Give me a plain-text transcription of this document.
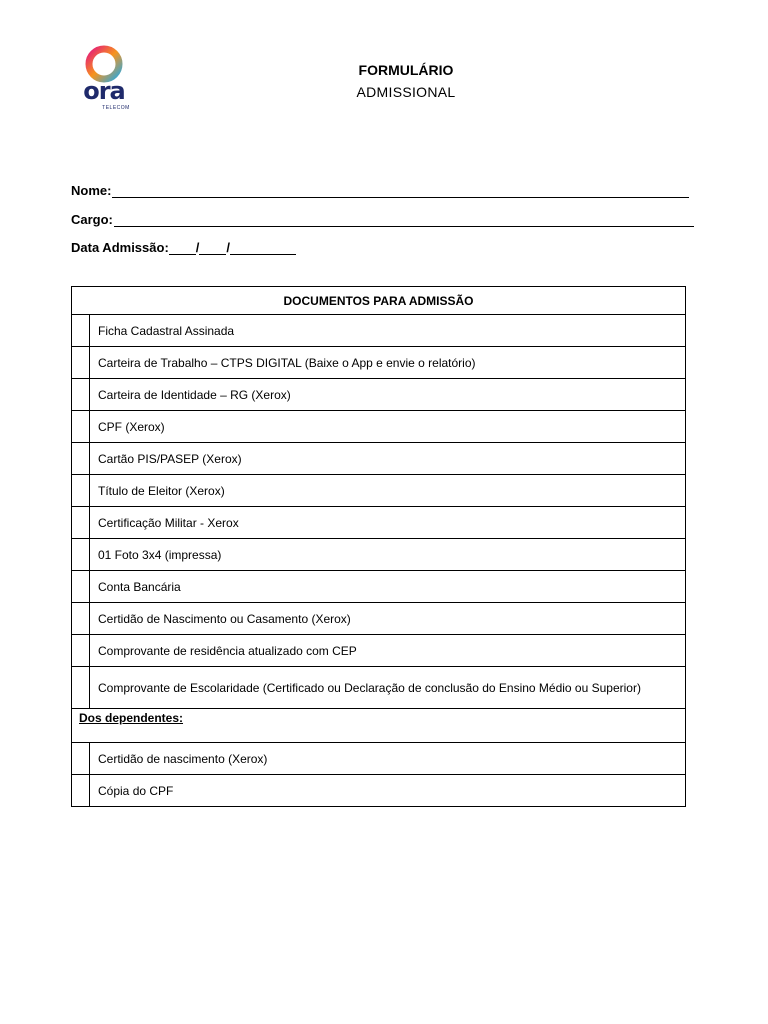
ora
TELECOM
FORMULÁRIO
ADMISSIONAL
Nome:
Cargo:
Data Admissão: / /
DOCUMENTOS PARA ADMISSÃO	
	Ficha Cadastral Assinada
	Carteira de Trabalho – CTPS DIGITAL (Baixe o App e envie o relatório)
	Carteira de Identidade – RG (Xerox)
	CPF (Xerox)
	Cartão PIS/PASEP (Xerox)
	Título de Eleitor (Xerox)
	Certificação Militar - Xerox
	01 Foto 3x4 (impressa)
	Conta Bancária
	Certidão de Nascimento ou Casamento (Xerox)
	Comprovante de residência atualizado com CEP
	Comprovante de Escolaridade (Certificado ou Declaração de conclusão do Ensino Médio ou Superior)
Dos dependentes:	
	Certidão de nascimento (Xerox)
	Cópia do CPF
